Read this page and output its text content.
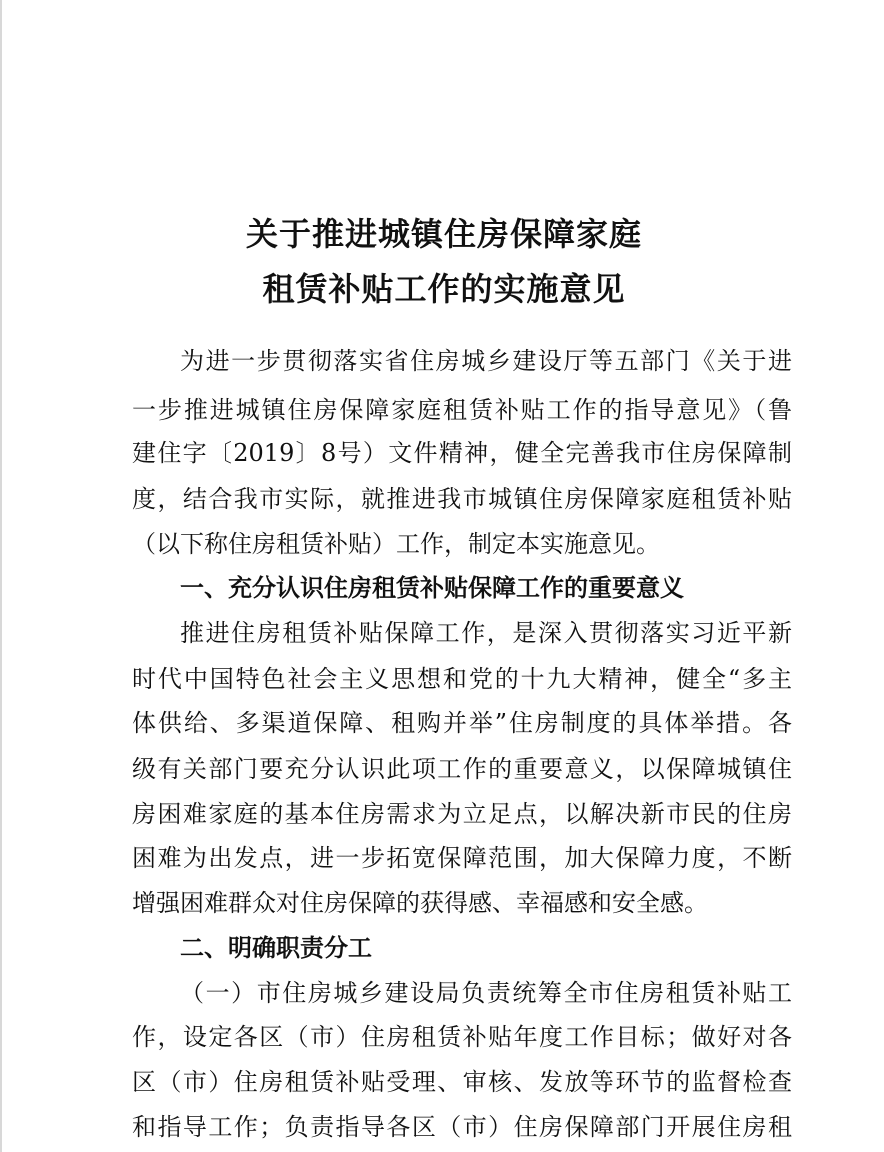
关于推进城镇住房保障家庭
租赁补贴工作的实施意见
为进一步贯彻落实省住房城乡建设厅等五部门《关于进
一步推进城镇住房保障家庭租赁补贴工作的指导意见》（鲁
建住字〔2019〕8号）文件精神，健全完善我市住房保障制
度，结合我市实际，就推进我市城镇住房保障家庭租赁补贴
（以下称住房租赁补贴）工作，制定本实施意见。
一、充分认识住房租赁补贴保障工作的重要意义
推进住房租赁补贴保障工作，是深入贯彻落实习近平新
时代中国特色社会主义思想和党的十九大精神，健全“多主
体供给、多渠道保障、租购并举”住房制度的具体举措。各
级有关部门要充分认识此项工作的重要意义，以保障城镇住
房困难家庭的基本住房需求为立足点，以解决新市民的住房
困难为出发点，进一步拓宽保障范围，加大保障力度，不断
增强困难群众对住房保障的获得感、幸福感和安全感。
二、明确职责分工
（一）市住房城乡建设局负责统筹全市住房租赁补贴工
作，设定各区（市）住房租赁补贴年度工作目标；做好对各
区（市）住房租赁补贴受理、审核、发放等环节的监督检查
和指导工作；负责指导各区（市）住房保障部门开展住房租
